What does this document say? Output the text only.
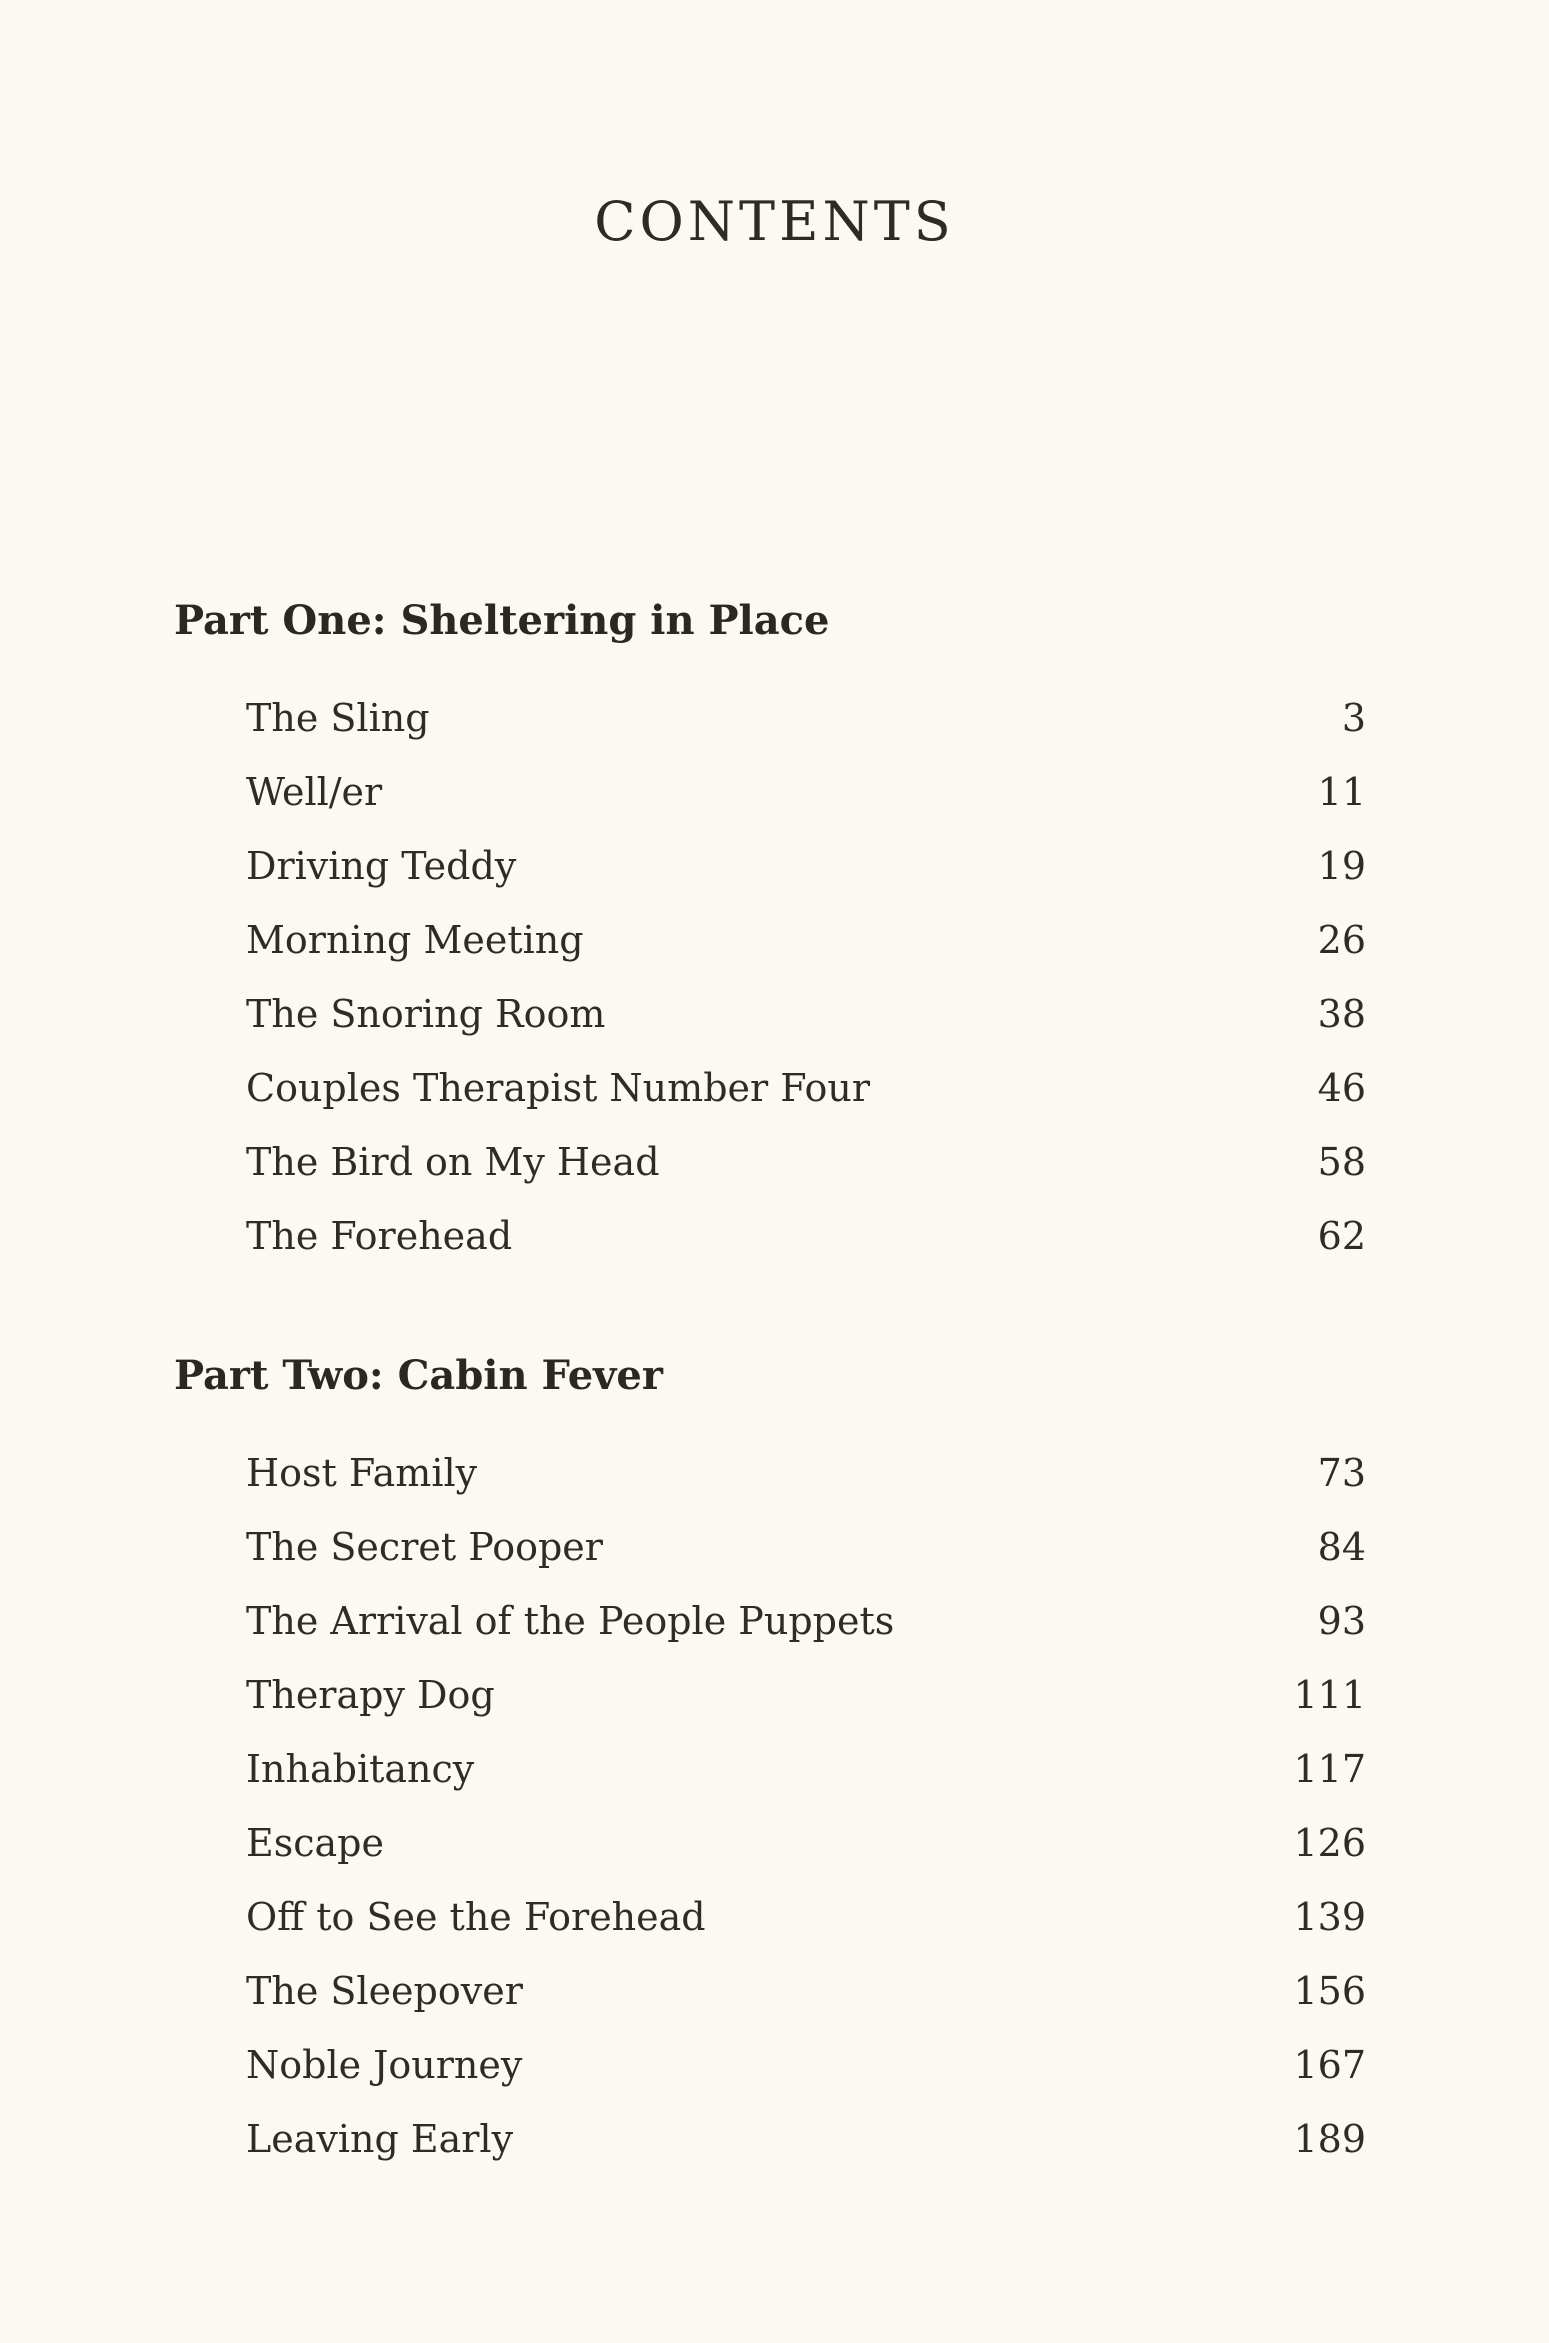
CONTENTS
Part One: Sheltering in Place
The Sling	3
Well/er	11
Driving Teddy	19
Morning Meeting	26
The Snoring Room	38
Couples Therapist Number Four	46
The Bird on My Head	58
The Forehead	62
Part Two: Cabin Fever
Host Family	73
The Secret Pooper	84
The Arrival of the People Puppets	93
Therapy Dog	111
Inhabitancy	117
Escape	126
Off to See the Forehead	139
The Sleepover	156
Noble Journey	167
Leaving Early	189
